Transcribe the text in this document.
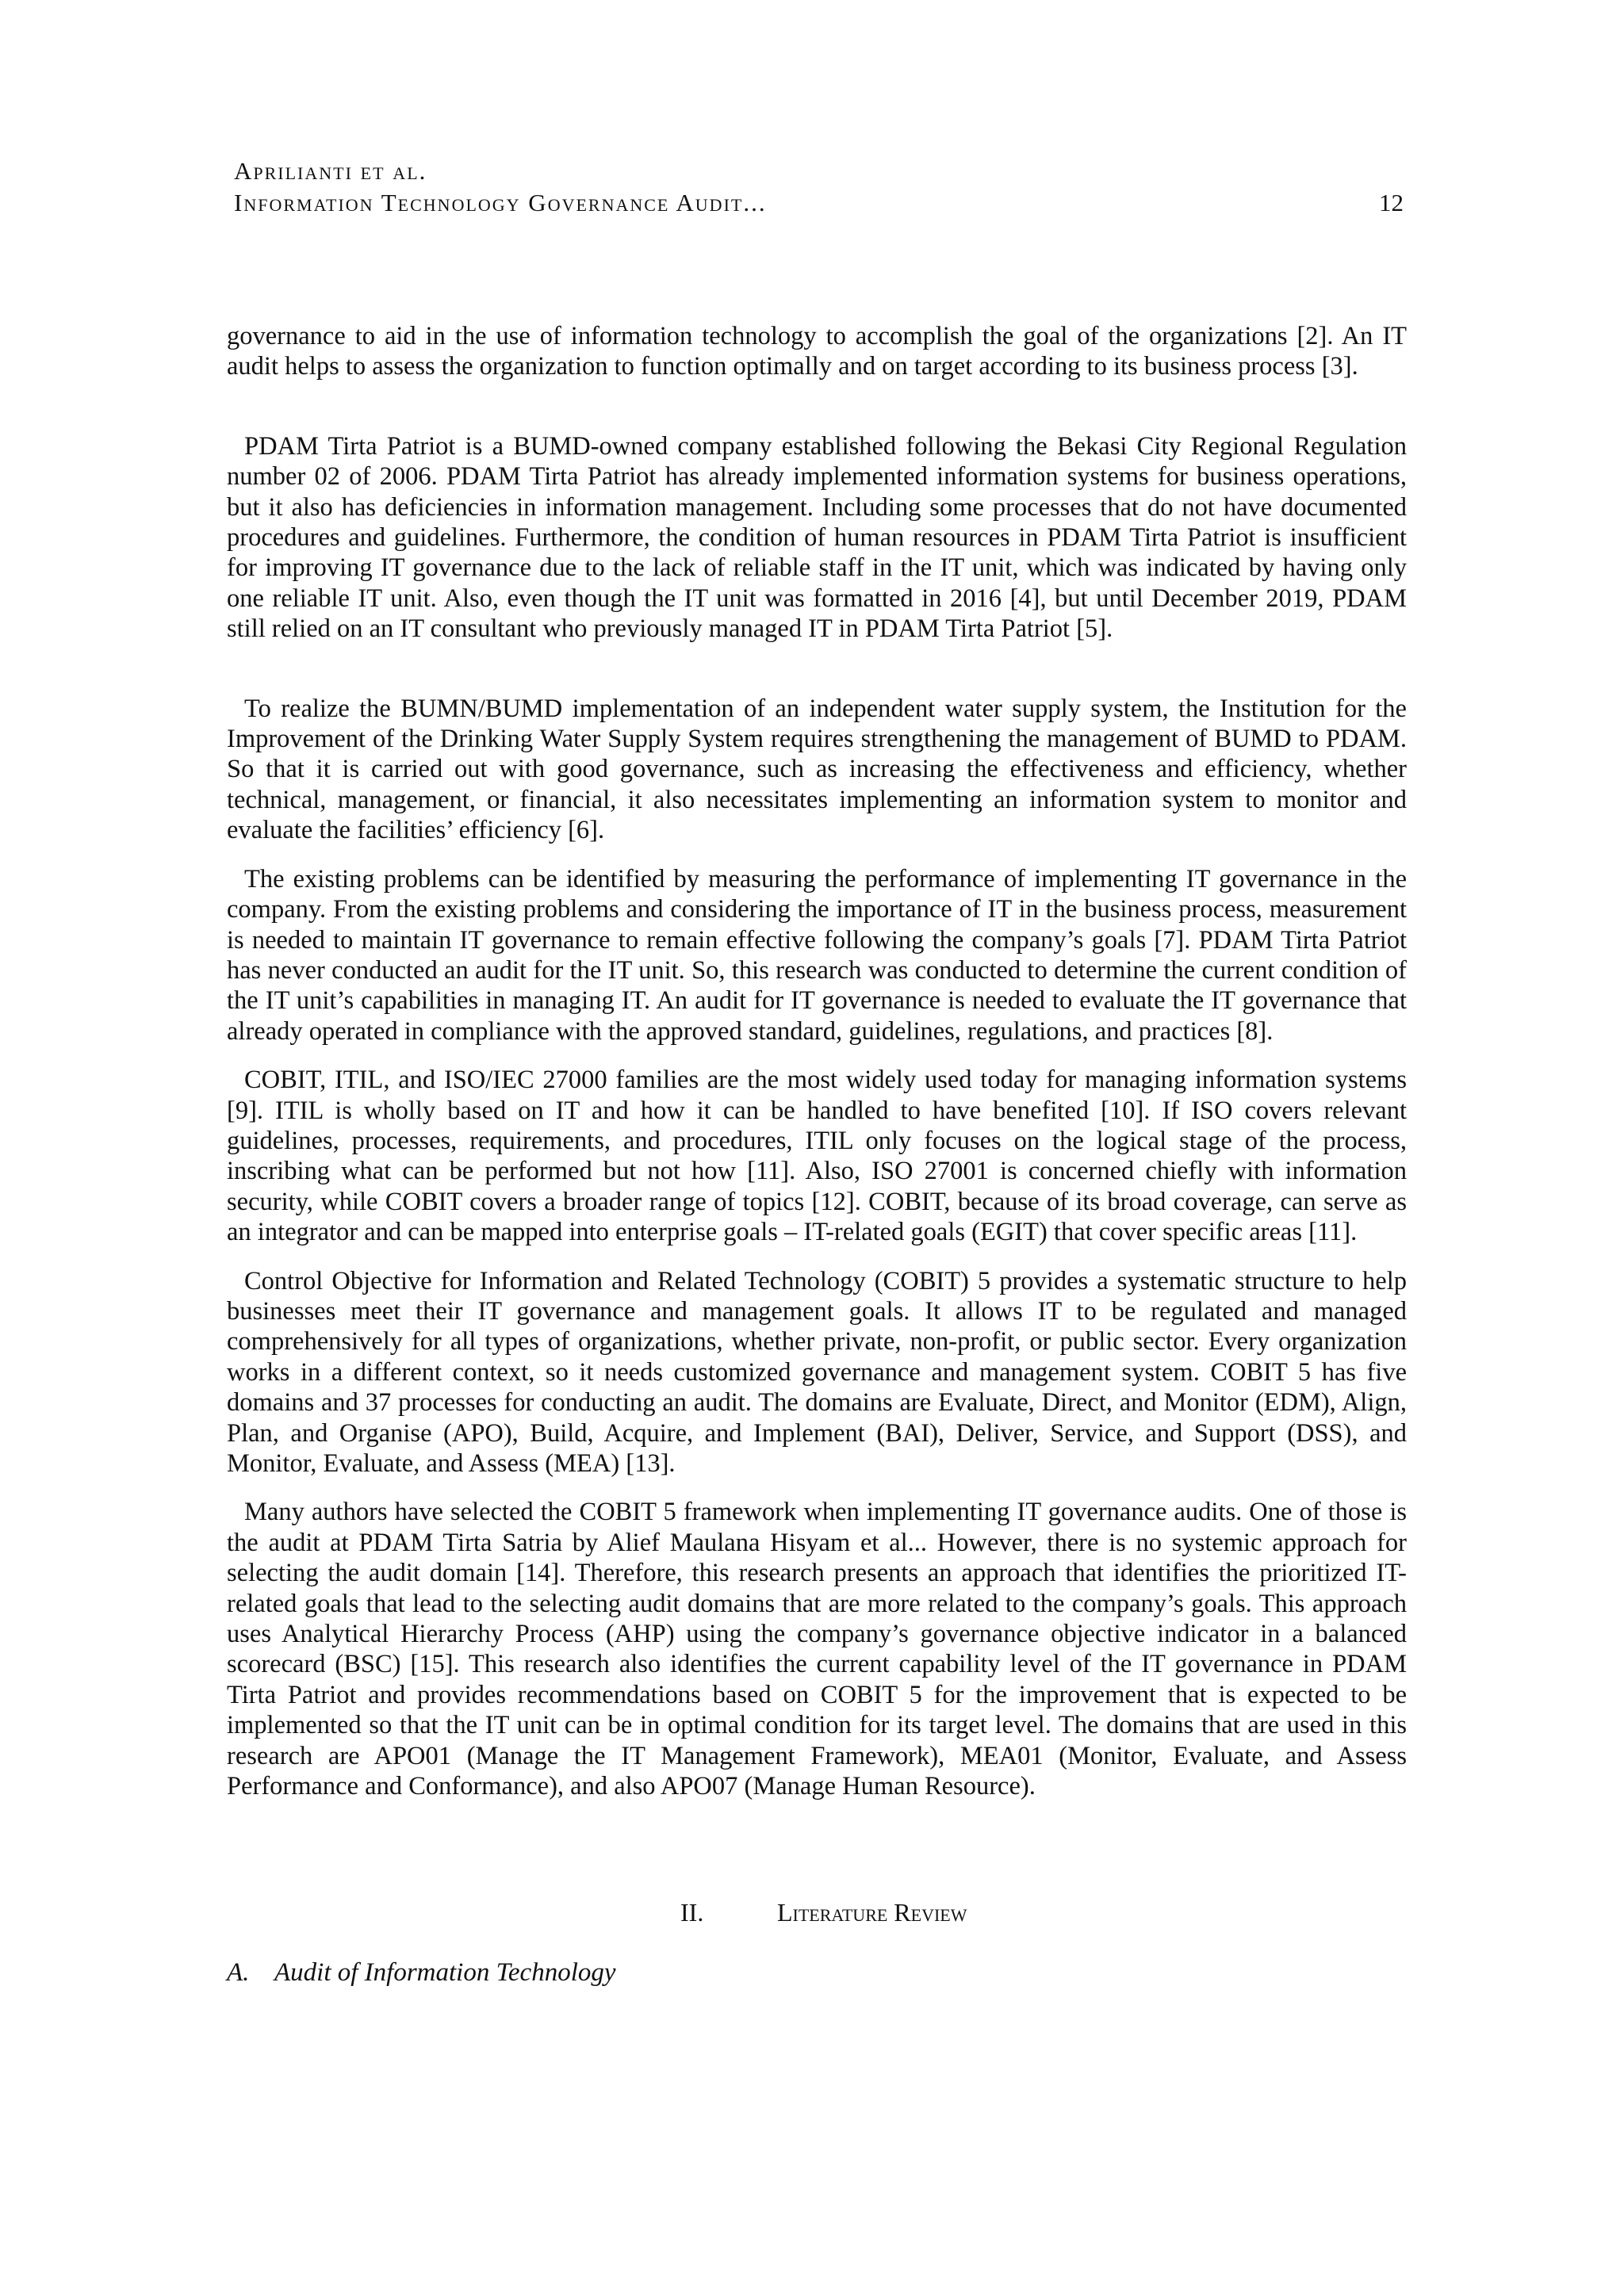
Aprilianti et al.
Information Technology Governance Audit...	12

governance to aid in the use of information technology to accomplish the goal of the organizations [2]. An IT audit helps to assess the organization to function optimally and on target according to its business process [3].

PDAM Tirta Patriot is a BUMD-owned company established following the Bekasi City Regional Regulation number 02 of 2006. PDAM Tirta Patriot has already implemented information systems for business operations, but it also has deficiencies in information management. Including some processes that do not have documented procedures and guidelines. Furthermore, the condition of human resources in PDAM Tirta Patriot is insufficient for improving IT governance due to the lack of reliable staff in the IT unit, which was indicated by having only one reliable IT unit. Also, even though the IT unit was formatted in 2016 [4], but until December 2019, PDAM still relied on an IT consultant who previously managed IT in PDAM Tirta Patriot [5].

To realize the BUMN/BUMD implementation of an independent water supply system, the Institution for the Improvement of the Drinking Water Supply System requires strengthening the management of BUMD to PDAM. So that it is carried out with good governance, such as increasing the effectiveness and efficiency, whether technical, management, or financial, it also necessitates implementing an information system to monitor and evaluate the facilities’ efficiency [6].

The existing problems can be identified by measuring the performance of implementing IT governance in the company. From the existing problems and considering the importance of IT in the business process, measurement is needed to maintain IT governance to remain effective following the company’s goals [7]. PDAM Tirta Patriot has never conducted an audit for the IT unit. So, this research was conducted to determine the current condition of the IT unit’s capabilities in managing IT. An audit for IT governance is needed to evaluate the IT governance that already operated in compliance with the approved standard, guidelines, regulations, and practices [8].

COBIT, ITIL, and ISO/IEC 27000 families are the most widely used today for managing information systems [9]. ITIL is wholly based on IT and how it can be handled to have benefited [10]. If ISO covers relevant guidelines, processes, requirements, and procedures, ITIL only focuses on the logical stage of the process, inscribing what can be performed but not how [11]. Also, ISO 27001 is concerned chiefly with information security, while COBIT covers a broader range of topics [12]. COBIT, because of its broad coverage, can serve as an integrator and can be mapped into enterprise goals – IT-related goals (EGIT) that cover specific areas [11].

Control Objective for Information and Related Technology (COBIT) 5 provides a systematic structure to help businesses meet their IT governance and management goals. It allows IT to be regulated and managed comprehensively for all types of organizations, whether private, non-profit, or public sector. Every organization works in a different context, so it needs customized governance and management system. COBIT 5 has five domains and 37 processes for conducting an audit. The domains are Evaluate, Direct, and Monitor (EDM), Align, Plan, and Organise (APO), Build, Acquire, and Implement (BAI), Deliver, Service, and Support (DSS), and Monitor, Evaluate, and Assess (MEA) [13].

Many authors have selected the COBIT 5 framework when implementing IT governance audits. One of those is the audit at PDAM Tirta Satria by Alief Maulana Hisyam et al... However, there is no systemic approach for selecting the audit domain [14]. Therefore, this research presents an approach that identifies the prioritized IT-related goals that lead to the selecting audit domains that are more related to the company’s goals. This approach uses Analytical Hierarchy Process (AHP) using the company’s governance objective indicator in a balanced scorecard (BSC) [15]. This research also identifies the current capability level of the IT governance in PDAM Tirta Patriot and provides recommendations based on COBIT 5 for the improvement that is expected to be implemented so that the IT unit can be in optimal condition for its target level. The domains that are used in this research are APO01 (Manage the IT Management Framework), MEA01 (Monitor, Evaluate, and Assess Performance and Conformance), and also APO07 (Manage Human Resource).

II.	Literature Review
A. Audit of Information Technology
